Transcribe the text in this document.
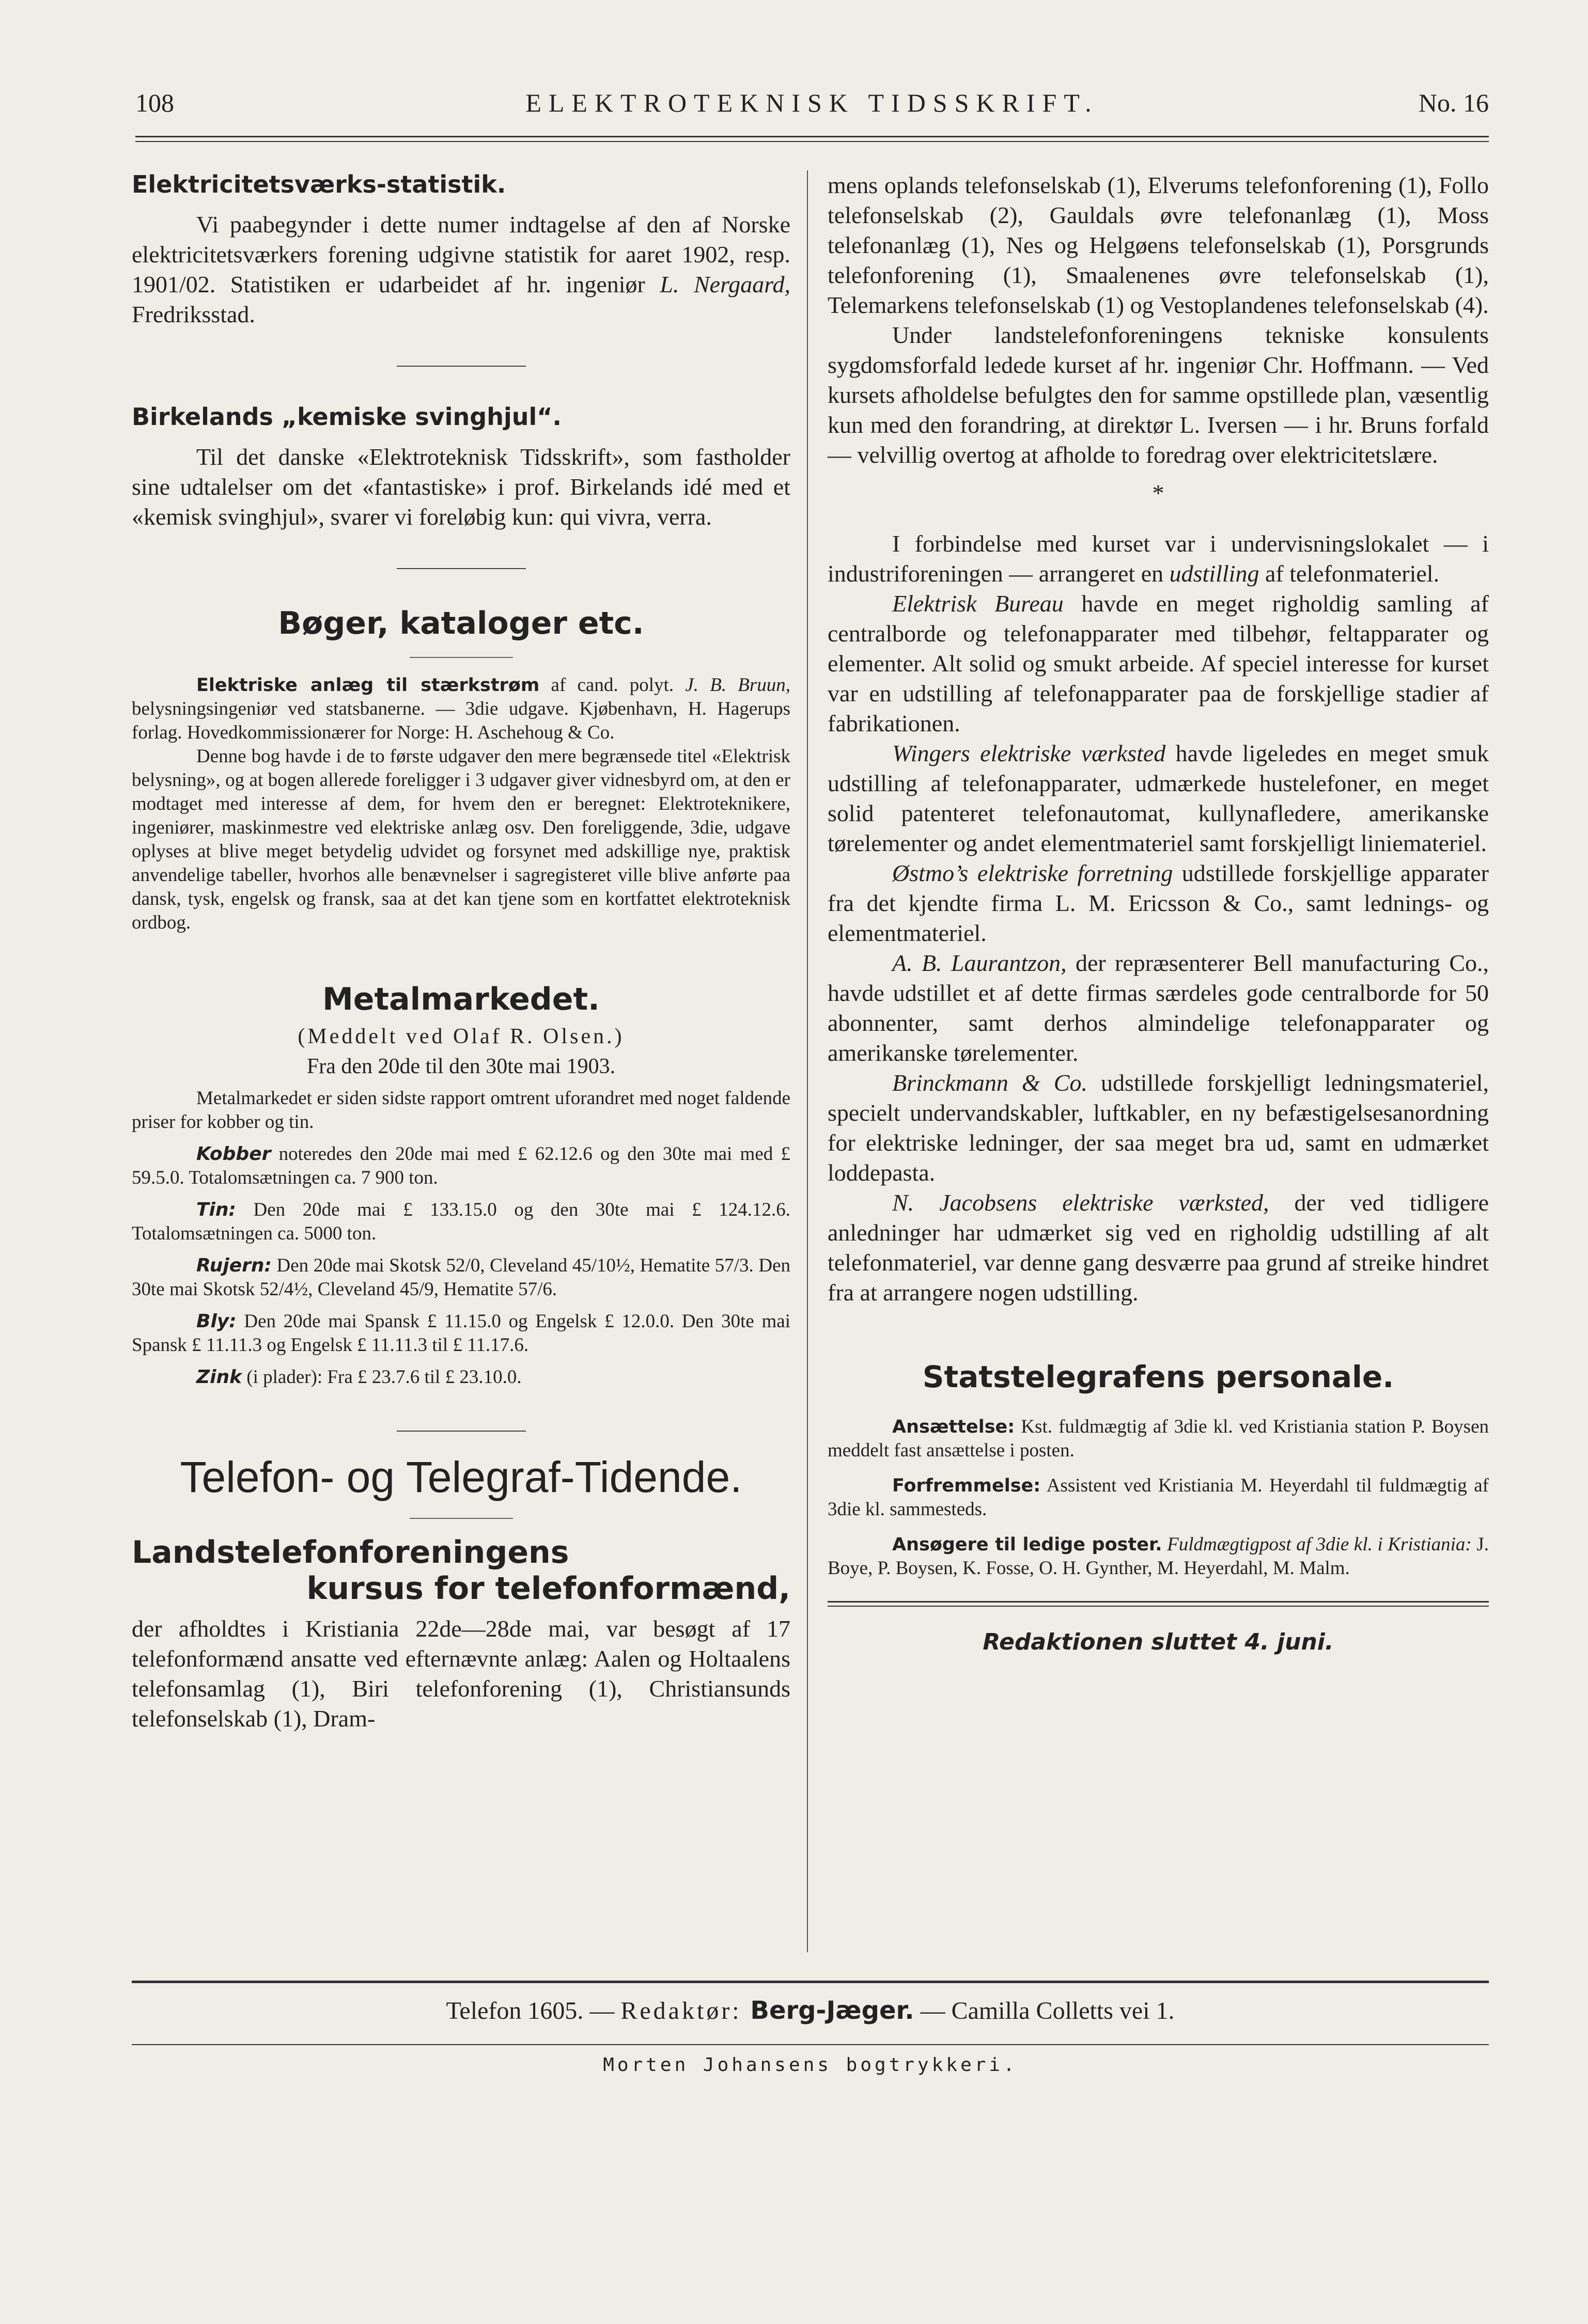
108	ELEKTROTEKNISK TIDSSKRIFT.	No. 16
Elektricitetsværks-statistik.

Vi paabegynder i dette numer indtagelse af den af Norske elektricitetsværkers forening udgivne statistik for aaret 1902, resp. 1901/02. Statistiken er udarbeidet af hr. ingeniør L. Nergaard, Fredriksstad.

Birkelands „kemiske svinghjul“.

Til det danske «Elektroteknisk Tidsskrift», som fastholder sine udtalelser om det «fantastiske» i prof. Birkelands idé med et «kemisk svinghjul», svarer vi foreløbig kun: qui vivra, verra.

Bøger, kataloger etc.

Elektriske anlæg til stærkstrøm af cand. polyt. J. B. Bruun, belysningsingeniør ved statsbanerne. — 3die udgave. Kjøbenhavn, H. Hagerups forlag. Hovedkommissionærer for Norge: H. Aschehoug & Co.

Denne bog havde i de to første udgaver den mere begrænsede titel «Elektrisk belysning», og at bogen allerede foreligger i 3 udgaver giver vidnesbyrd om, at den er modtaget med interesse af dem, for hvem den er beregnet: Elektroteknikere, ingeniører, maskinmestre ved elektriske anlæg osv. Den foreliggende, 3die, udgave oplyses at blive meget betydelig udvidet og forsynet med adskillige nye, praktisk anvendelige tabeller, hvorhos alle benævnelser i sagregisteret ville blive anførte paa dansk, tysk, engelsk og fransk, saa at det kan tjene som en kortfattet elektroteknisk ordbog.

Metalmarkedet.

(Meddelt ved Olaf R. Olsen.)

Fra den 20de til den 30te mai 1903.

Metalmarkedet er siden sidste rapport omtrent uforandret med noget faldende priser for kobber og tin.

Kobber noteredes den 20de mai med £ 62.12.6 og den 30te mai med £ 59.5.0. Totalomsætningen ca. 7 900 ton.

Tin: Den 20de mai £ 133.15.0 og den 30te mai £ 124.12.6. Totalomsætningen ca. 5000 ton.

Rujern: Den 20de mai Skotsk 52/0, Cleveland 45/10½, Hematite 57/3. Den 30te mai Skotsk 52/4½, Cleveland 45/9, Hematite 57/6.

Bly: Den 20de mai Spansk £ 11.15.0 og Engelsk £ 12.0.0. Den 30te mai Spansk £ 11.11.3 og Engelsk £ 11.11.3 til £ 11.17.6.

Zink (i plader): Fra £ 23.7.6 til £ 23.10.0.

Telefon- og Telegraf-Tidende.
Landstelefonforeningens
kursus for telefonformænd,

der afholdtes i Kristiania 22de—28de mai, var besøgt af 17 telefonformænd ansatte ved efternævnte anlæg: Aalen og Holtaalens telefonsamlag (1), Biri telefonforening (1), Christiansunds telefonselskab (1), Dram-

mens oplands telefonselskab (1), Elverums telefonforening (1), Follo telefonselskab (2), Gauldals øvre telefonanlæg (1), Moss telefonanlæg (1), Nes og Helgøens telefonselskab (1), Porsgrunds telefonforening (1), Smaalenenes øvre telefonselskab (1), Telemarkens telefonselskab (1) og Vestoplandenes telefonselskab (4).

Under landstelefonforeningens tekniske konsulents sygdomsforfald ledede kurset af hr. ingeniør Chr. Hoffmann. — Ved kursets afholdelse befulgtes den for samme opstillede plan, væsentlig kun med den forandring, at direktør L. Iversen — i hr. Bruns forfald — velvillig overtog at afholde to foredrag over elektricitetslære.

*

I forbindelse med kurset var i undervisningslokalet — i industriforeningen — arrangeret en udstilling af telefonmateriel.

Elektrisk Bureau havde en meget righoldig samling af centralborde og telefonapparater med tilbehør, feltapparater og elementer. Alt solid og smukt arbeide. Af speciel interesse for kurset var en udstilling af telefonapparater paa de forskjellige stadier af fabrikationen.

Wingers elektriske værksted havde ligeledes en meget smuk udstilling af telefonapparater, udmærkede hustelefoner, en meget solid patenteret telefonautomat, kullynafledere, amerikanske tørelementer og andet elementmateriel samt forskjelligt liniemateriel.

Østmo’s elektriske forretning udstillede forskjellige apparater fra det kjendte firma L. M. Ericsson & Co., samt lednings- og elementmateriel.

A. B. Laurantzon, der repræsenterer Bell manufacturing Co., havde udstillet et af dette firmas særdeles gode centralborde for 50 abonnenter, samt derhos almindelige telefonapparater og amerikanske tørelementer.

Brinckmann & Co. udstillede forskjelligt ledningsmateriel, specielt undervandskabler, luftkabler, en ny befæstigelsesanordning for elektriske ledninger, der saa meget bra ud, samt en udmærket loddepasta.

N. Jacobsens elektriske værksted, der ved tidligere anledninger har udmærket sig ved en righoldig udstilling af alt telefonmateriel, var denne gang desværre paa grund af streike hindret fra at arrangere nogen udstilling.

Statstelegrafens personale.

Ansættelse: Kst. fuldmægtig af 3die kl. ved Kristiania station P. Boysen meddelt fast ansættelse i posten.

Forfremmelse: Assistent ved Kristiania M. Heyerdahl til fuldmægtig af 3die kl. sammesteds.

Ansøgere til ledige poster. Fuldmægtigpost af 3die kl. i Kristiania: J. Boye, P. Boysen, K. Fosse, O. H. Gynther, M. Heyerdahl, M. Malm.

Redaktionen sluttet 4. juni.

Telefon 1605. — Redaktør: Berg-Jæger. — Camilla Colletts vei 1.
Morten Johansens bogtrykkeri.
